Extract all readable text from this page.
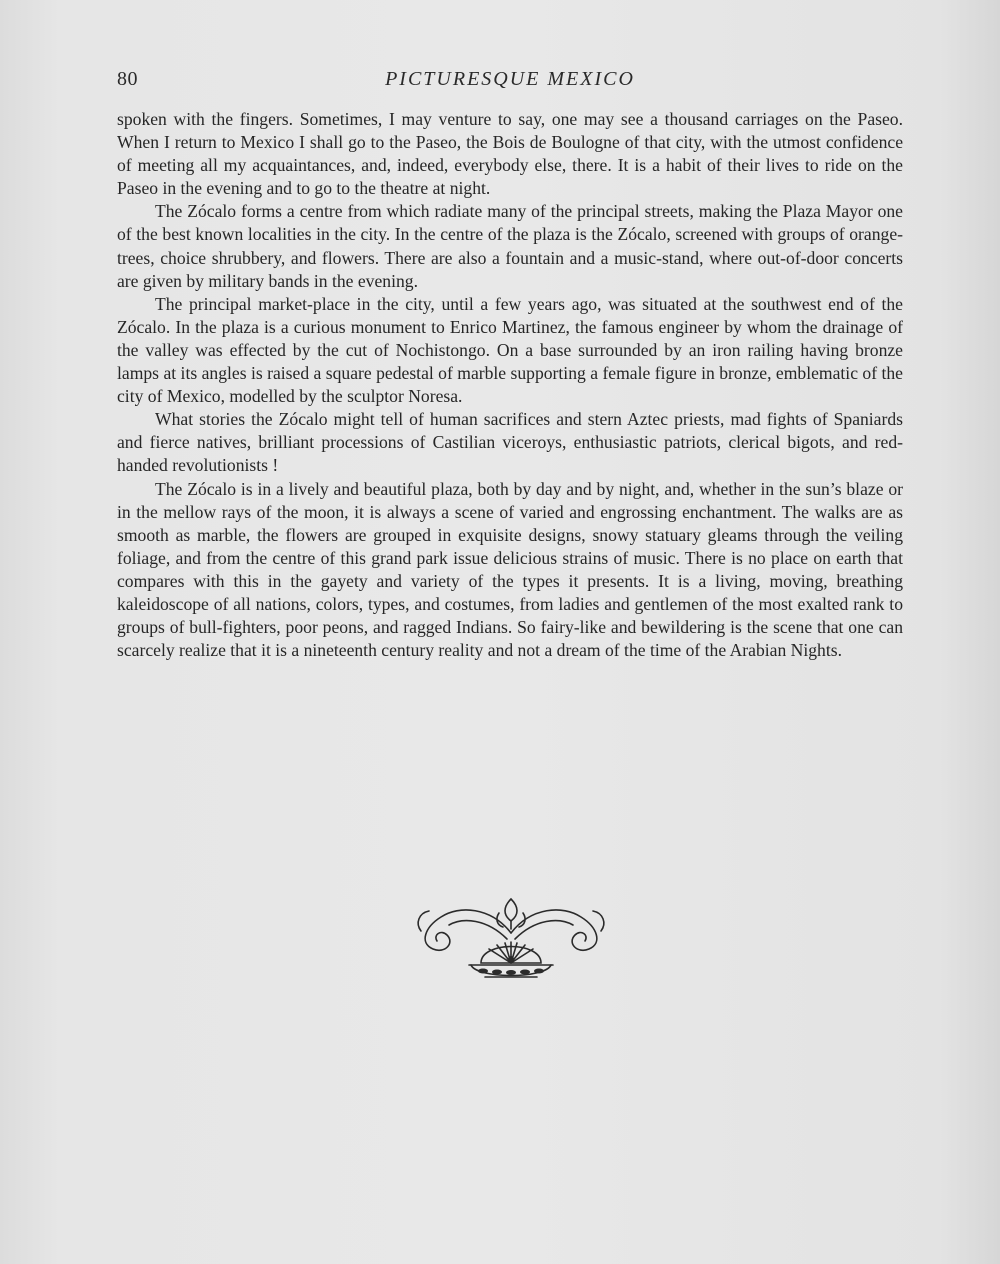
80	PICTURESQUE MEXICO

spoken with the fingers. Sometimes, I may venture to say, one may see a thousand carriages on the Paseo. When I return to Mexico I shall go to the Paseo, the Bois de Boulogne of that city, with the utmost confidence of meeting all my acquaintances, and, indeed, everybody else, there. It is a habit of their lives to ride on the Paseo in the evening and to go to the theatre at night.

The Zócalo forms a centre from which radiate many of the principal streets, making the Plaza Mayor one of the best known localities in the city. In the centre of the plaza is the Zócalo, screened with groups of orange-trees, choice shrubbery, and flowers. There are also a fountain and a music-stand, where out-of-door concerts are given by military bands in the evening.

The principal market-place in the city, until a few years ago, was situated at the southwest end of the Zócalo. In the plaza is a curious monument to Enrico Martinez, the famous engineer by whom the drainage of the valley was effected by the cut of Nochistongo. On a base surrounded by an iron railing having bronze lamps at its angles is raised a square pedestal of marble supporting a female figure in bronze, emblematic of the city of Mexico, modelled by the sculptor Noresa.

What stories the Zócalo might tell of human sacrifices and stern Aztec priests, mad fights of Spaniards and fierce natives, brilliant processions of Castilian viceroys, enthusiastic patriots, clerical bigots, and red-handed revolutionists !

The Zócalo is in a lively and beautiful plaza, both by day and by night, and, whether in the sun’s blaze or in the mellow rays of the moon, it is always a scene of varied and engrossing enchantment. The walks are as smooth as marble, the flowers are grouped in exquisite designs, snowy statuary gleams through the veiling foliage, and from the centre of this grand park issue delicious strains of music. There is no place on earth that compares with this in the gayety and variety of the types it presents. It is a living, moving, breathing kaleidoscope of all nations, colors, types, and costumes, from ladies and gentlemen of the most exalted rank to groups of bull-fighters, poor peons, and ragged Indians. So fairy-like and bewildering is the scene that one can scarcely realize that it is a nineteenth century reality and not a dream of the time of the Arabian Nights.
